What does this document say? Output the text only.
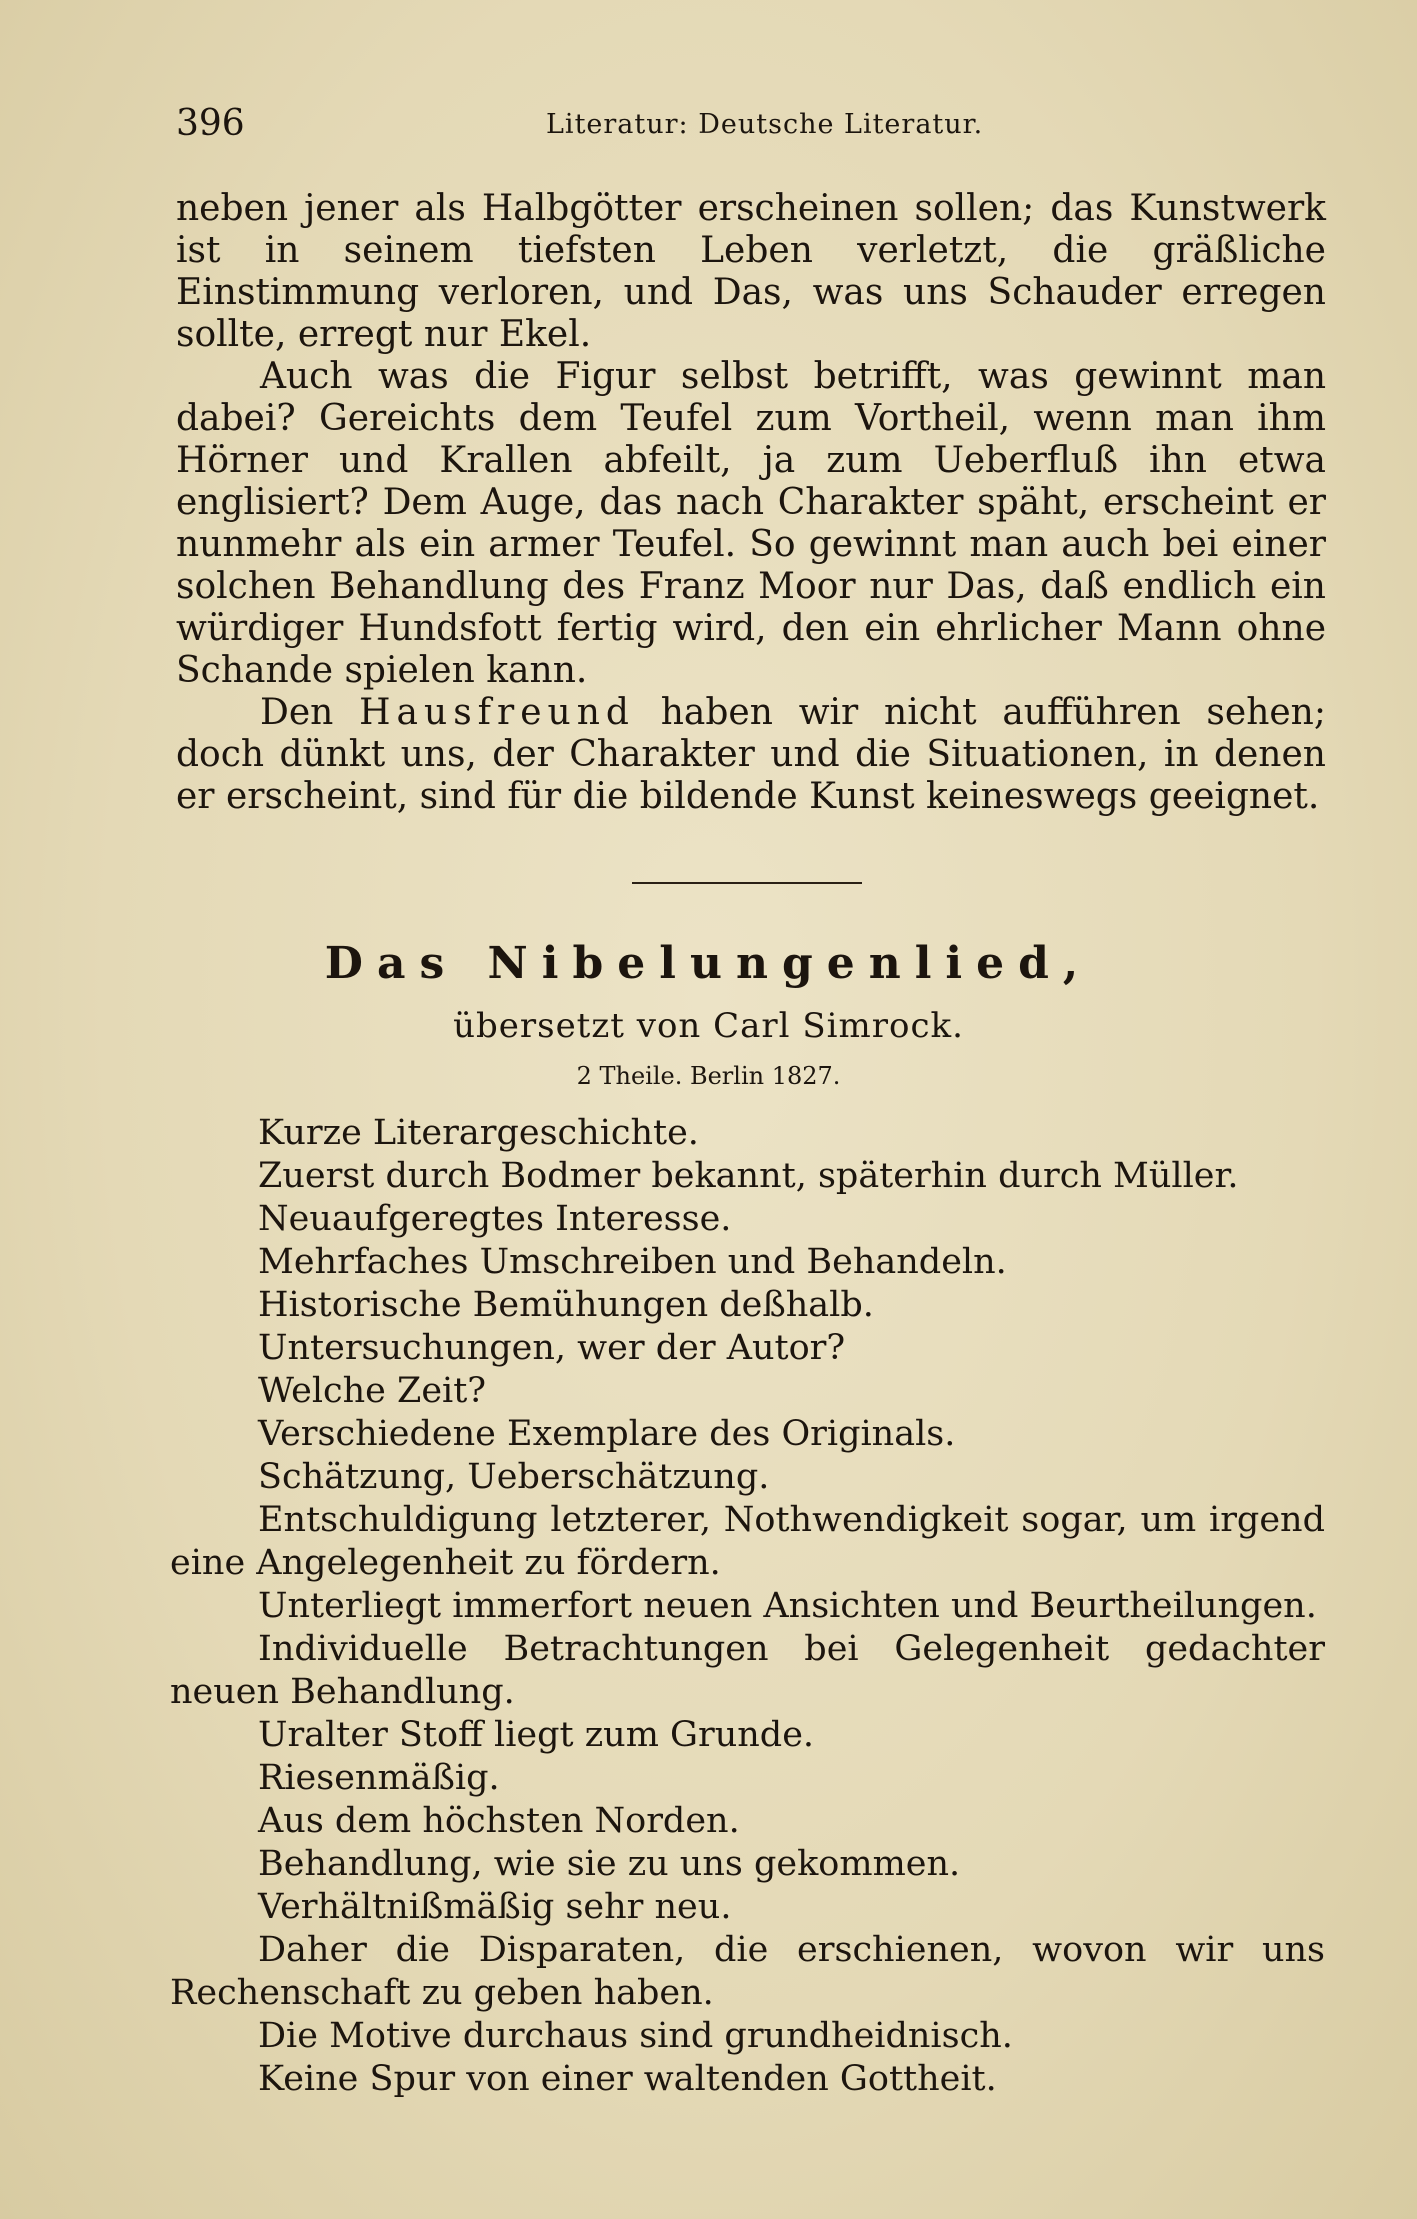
396	Literatur: Deutsche Literatur.

neben jener als Halbgötter erscheinen sollen; das Kunstwerk ist in seinem tiefsten Leben verletzt, die gräßliche Einstimmung verloren, und Das, was uns Schauder erregen sollte, erregt nur Ekel.

Auch was die Figur selbst betrifft, was gewinnt man dabei? Gereichts dem Teufel zum Vortheil, wenn man ihm Hörner und Krallen abfeilt, ja zum Ueberfluß ihn etwa englisiert? Dem Auge, das nach Charakter späht, erscheint er nunmehr als ein armer Teufel. So gewinnt man auch bei einer solchen Behandlung des Franz Moor nur Das, daß endlich ein würdiger Hundsfott fertig wird, den ein ehrlicher Mann ohne Schande spielen kann.

Den Hausfreund haben wir nicht aufführen sehen; doch dünkt uns, der Charakter und die Situationen, in denen er erscheint, sind für die bildende Kunst keineswegs geeignet.

Das Nibelungenlied,
übersetzt von Carl Simrock.
2 Theile. Berlin 1827.

Kurze Literargeschichte.

Zuerst durch Bodmer bekannt, späterhin durch Müller.

Neuaufgeregtes Interesse.

Mehrfaches Umschreiben und Behandeln.

Historische Bemühungen deßhalb.

Untersuchungen, wer der Autor?

Welche Zeit?

Verschiedene Exemplare des Originals.

Schätzung, Ueberschätzung.

Entschuldigung letzterer, Nothwendigkeit sogar, um irgend eine Angelegenheit zu fördern.

Unterliegt immerfort neuen Ansichten und Beurtheilungen.

Individuelle Betrachtungen bei Gelegenheit gedachter neuen Behandlung.

Uralter Stoff liegt zum Grunde.

Riesenmäßig.

Aus dem höchsten Norden.

Behandlung, wie sie zu uns gekommen.

Verhältnißmäßig sehr neu.

Daher die Disparaten, die erschienen, wovon wir uns Rechenschaft zu geben haben.

Die Motive durchaus sind grundheidnisch.

Keine Spur von einer waltenden Gottheit.
